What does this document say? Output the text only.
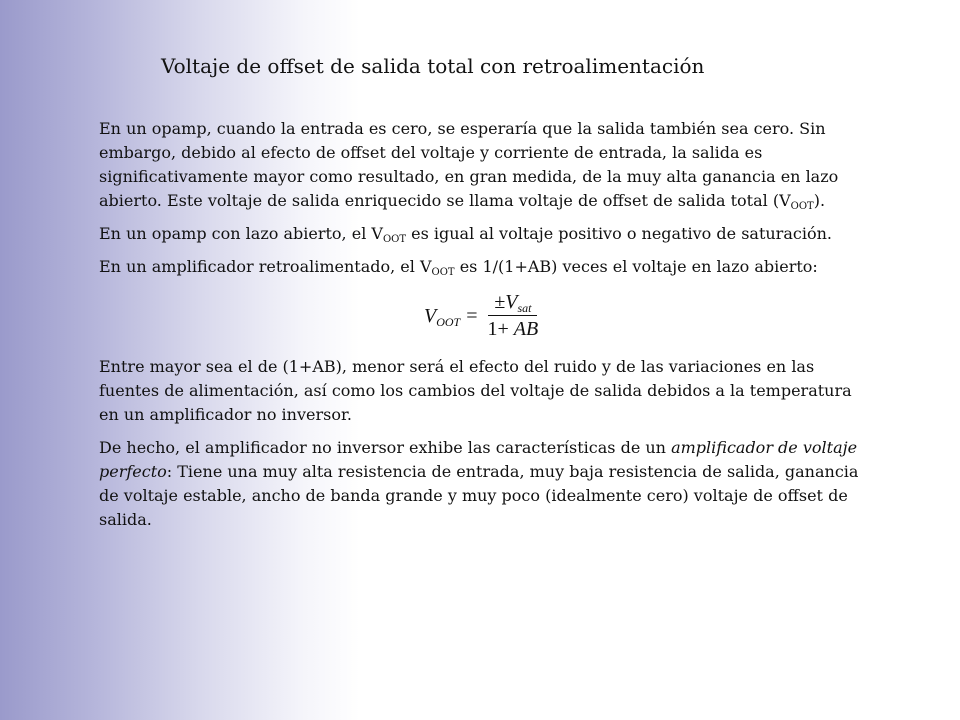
Voltaje de offset de salida total con retroalimentación

En un opamp, cuando la entrada es cero, se esperaría que la salida también sea cero. Sin embargo, debido al efecto de offset del voltaje y corriente de entrada, la salida es significativamente mayor como resultado, en gran medida, de la muy alta ganancia en lazo abierto. Este voltaje de salida enriquecido se llama voltaje de offset de salida total $(V_{OOT})$.

En un opamp con lazo abierto, el $V_{OOT}$ es igual al voltaje positivo o negativo de saturación.

En un amplificador retroalimentado, el $V_{OOT}$ es 1/(1+AB) veces el voltaje en lazo abierto:

$V_{OOT} = \frac{\pm V_{sat}}{1+ AB}$

Entre mayor sea el de (1+AB), menor será el efecto del ruido y de las variaciones en las fuentes de alimentación, así como los cambios del voltaje de salida debidos a la temperatura en un amplificador no inversor.

De hecho, el amplificador no inversor exhibe las características de un amplificador de voltaje perfecto: Tiene una muy alta resistencia de entrada, muy baja resistencia de salida, ganancia de voltaje estable, ancho de banda grande y muy poco (idealmente cero) voltaje de offset de salida.
